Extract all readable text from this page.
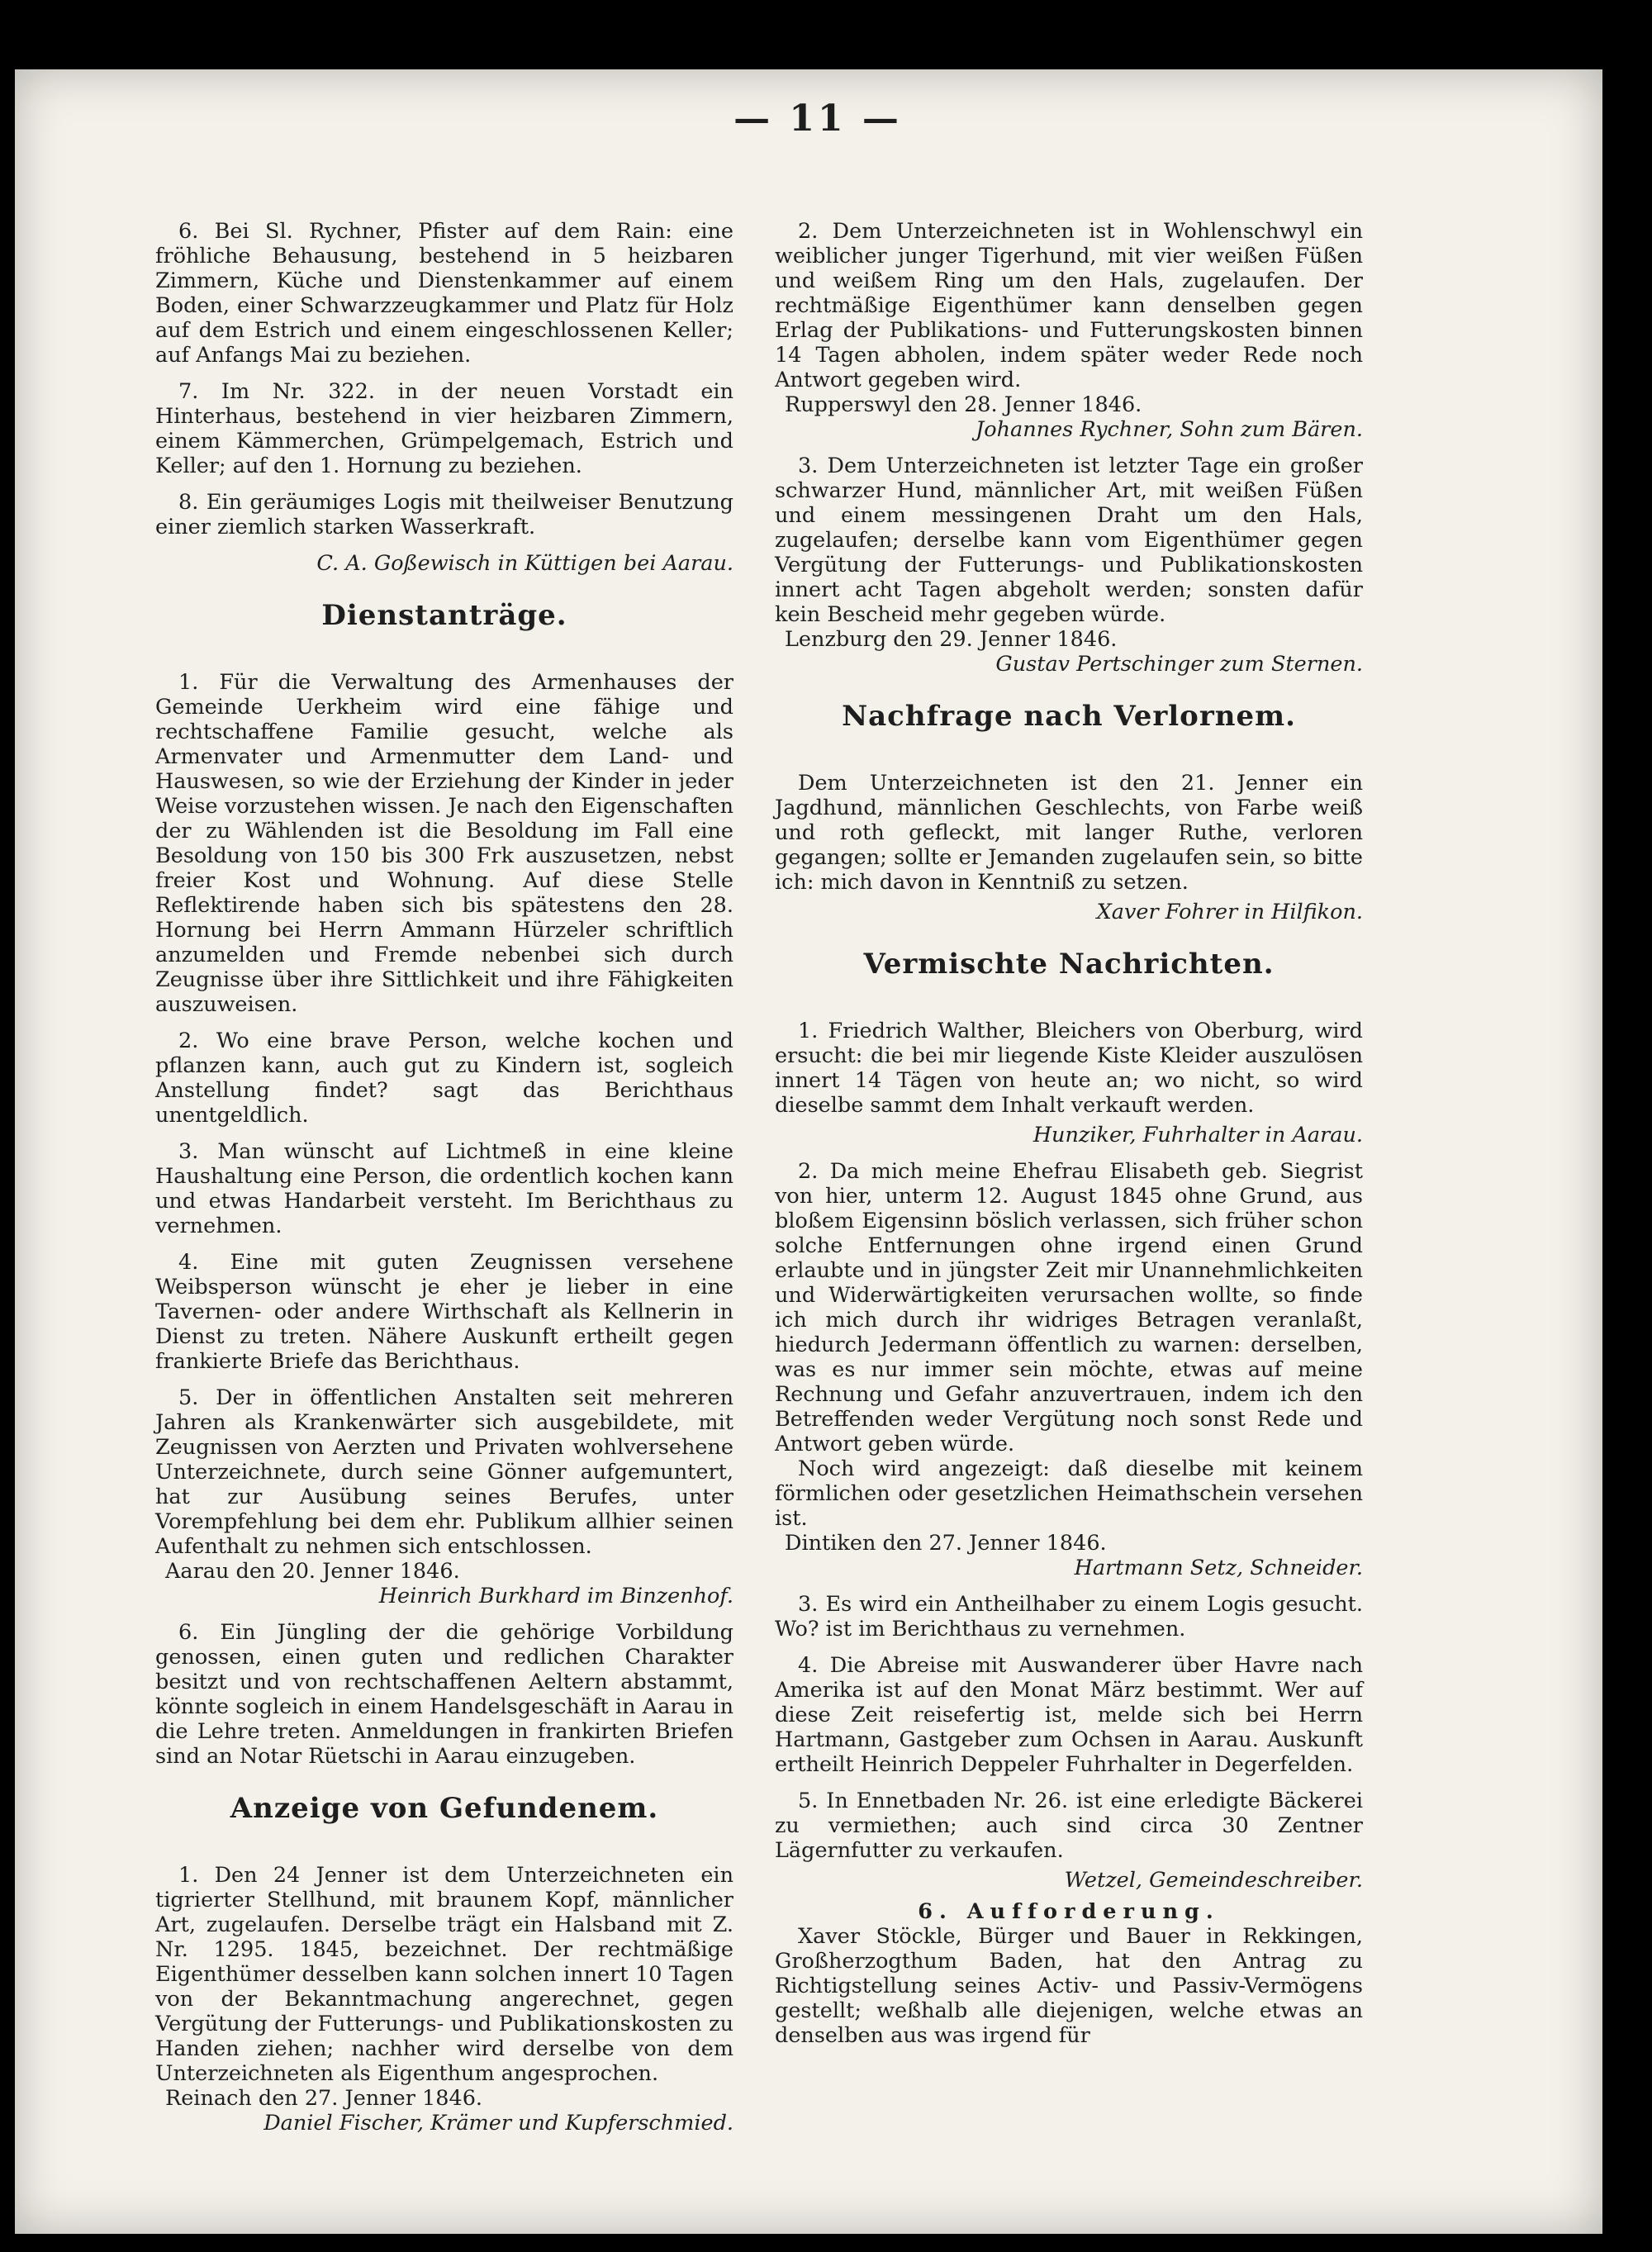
— 11 —

6. Bei Sl. Rychner, Pfister auf dem Rain: eine fröhliche Behausung, bestehend in 5 heizbaren Zimmern, Küche und Dienstenkammer auf einem Boden, einer Schwarzzeugkammer und Platz für Holz auf dem Estrich und einem eingeschlossenen Keller; auf Anfangs Mai zu beziehen.

7. Im Nr. 322. in der neuen Vorstadt ein Hinterhaus, bestehend in vier heizbaren Zimmern, einem Kämmerchen, Grümpelgemach, Estrich und Keller; auf den 1. Hornung zu beziehen.

8. Ein geräumiges Logis mit theilweiser Benutzung einer ziemlich starken Wasserkraft.

C. A. Goßewisch in Küttigen bei Aarau.

Dienstanträge.

1. Für die Verwaltung des Armenhauses der Gemeinde Uerkheim wird eine fähige und rechtschaffene Familie gesucht, welche als Armenvater und Armenmutter dem Land- und Hauswesen, so wie der Erziehung der Kinder in jeder Weise vorzustehen wissen. Je nach den Eigenschaften der zu Wählenden ist die Besoldung im Fall eine Besoldung von 150 bis 300 Frk auszusetzen, nebst freier Kost und Wohnung. Auf diese Stelle Reflektirende haben sich bis spätestens den 28. Hornung bei Herrn Ammann Hürzeler schriftlich anzumelden und Fremde nebenbei sich durch Zeugnisse über ihre Sittlichkeit und ihre Fähigkeiten auszuweisen.

2. Wo eine brave Person, welche kochen und pflanzen kann, auch gut zu Kindern ist, sogleich Anstellung findet? sagt das Berichthaus unentgeldlich.

3. Man wünscht auf Lichtmeß in eine kleine Haushaltung eine Person, die ordentlich kochen kann und etwas Handarbeit versteht. Im Berichthaus zu vernehmen.

4. Eine mit guten Zeugnissen versehene Weibsperson wünscht je eher je lieber in eine Tavernen- oder andere Wirthschaft als Kellnerin in Dienst zu treten. Nähere Auskunft ertheilt gegen frankierte Briefe das Berichthaus.

5. Der in öffentlichen Anstalten seit mehreren Jahren als Krankenwärter sich ausgebildete, mit Zeugnissen von Aerzten und Privaten wohlversehene Unterzeichnete, durch seine Gönner aufgemuntert, hat zur Ausübung seines Berufes, unter Vorempfehlung bei dem ehr. Publikum allhier seinen Aufenthalt zu nehmen sich entschlossen.

Aarau den 20. Jenner 1846.

Heinrich Burkhard im Binzenhof.

6. Ein Jüngling der die gehörige Vorbildung genossen, einen guten und redlichen Charakter besitzt und von rechtschaffenen Aeltern abstammt, könnte sogleich in einem Handelsgeschäft in Aarau in die Lehre treten. Anmeldungen in frankirten Briefen sind an Notar Rüetschi in Aarau einzugeben.

Anzeige von Gefundenem.

1. Den 24 Jenner ist dem Unterzeichneten ein tigrierter Stellhund, mit braunem Kopf, männlicher Art, zugelaufen. Derselbe trägt ein Halsband mit Z. Nr. 1295. 1845, bezeichnet. Der rechtmäßige Eigenthümer desselben kann solchen innert 10 Tagen von der Bekanntmachung angerechnet, gegen Vergütung der Futterungs- und Publikationskosten zu Handen ziehen; nachher wird derselbe von dem Unterzeichneten als Eigenthum angesprochen.

Reinach den 27. Jenner 1846.

Daniel Fischer, Krämer und Kupferschmied.

2. Dem Unterzeichneten ist in Wohlenschwyl ein weiblicher junger Tigerhund, mit vier weißen Füßen und weißem Ring um den Hals, zugelaufen. Der rechtmäßige Eigenthümer kann denselben gegen Erlag der Publikations- und Futterungskosten binnen 14 Tagen abholen, indem später weder Rede noch Antwort gegeben wird.

Rupperswyl den 28. Jenner 1846.

Johannes Rychner, Sohn zum Bären.

3. Dem Unterzeichneten ist letzter Tage ein großer schwarzer Hund, männlicher Art, mit weißen Füßen und einem messingenen Draht um den Hals, zugelaufen; derselbe kann vom Eigenthümer gegen Vergütung der Futterungs- und Publikationskosten innert acht Tagen abgeholt werden; sonsten dafür kein Bescheid mehr gegeben würde.

Lenzburg den 29. Jenner 1846.

Gustav Pertschinger zum Sternen.

Nachfrage nach Verlornem.

Dem Unterzeichneten ist den 21. Jenner ein Jagdhund, männlichen Geschlechts, von Farbe weiß und roth gefleckt, mit langer Ruthe, verloren gegangen; sollte er Jemanden zugelaufen sein, so bitte ich: mich davon in Kenntniß zu setzen.

Xaver Fohrer in Hilfikon.

Vermischte Nachrichten.

1. Friedrich Walther, Bleichers von Oberburg, wird ersucht: die bei mir liegende Kiste Kleider auszulösen innert 14 Tägen von heute an; wo nicht, so wird dieselbe sammt dem Inhalt verkauft werden.

Hunziker, Fuhrhalter in Aarau.

2. Da mich meine Ehefrau Elisabeth geb. Siegrist von hier, unterm 12. August 1845 ohne Grund, aus bloßem Eigensinn böslich verlassen, sich früher schon solche Entfernungen ohne irgend einen Grund erlaubte und in jüngster Zeit mir Unannehmlichkeiten und Widerwärtigkeiten verursachen wollte, so finde ich mich durch ihr widriges Betragen veranlaßt, hiedurch Jedermann öffentlich zu warnen: derselben, was es nur immer sein möchte, etwas auf meine Rechnung und Gefahr anzuvertrauen, indem ich den Betreffenden weder Vergütung noch sonst Rede und Antwort geben würde.

Noch wird angezeigt: daß dieselbe mit keinem förmlichen oder gesetzlichen Heimathschein versehen ist.

Dintiken den 27. Jenner 1846.

Hartmann Setz, Schneider.

3. Es wird ein Antheilhaber zu einem Logis gesucht. Wo? ist im Berichthaus zu vernehmen.

4. Die Abreise mit Auswanderer über Havre nach Amerika ist auf den Monat März bestimmt. Wer auf diese Zeit reisefertig ist, melde sich bei Herrn Hartmann, Gastgeber zum Ochsen in Aarau. Auskunft ertheilt Heinrich Deppeler Fuhrhalter in Degerfelden.

5. In Ennetbaden Nr. 26. ist eine erledigte Bäckerei zu vermiethen; auch sind circa 30 Zentner Lägernfutter zu verkaufen.

Wetzel, Gemeindeschreiber.

6. Aufforderung.

Xaver Stöckle, Bürger und Bauer in Rekkingen, Großherzogthum Baden, hat den Antrag zu Richtigstellung seines Activ- und Passiv-Vermögens gestellt; weßhalb alle diejenigen, welche etwas an denselben aus was irgend für
